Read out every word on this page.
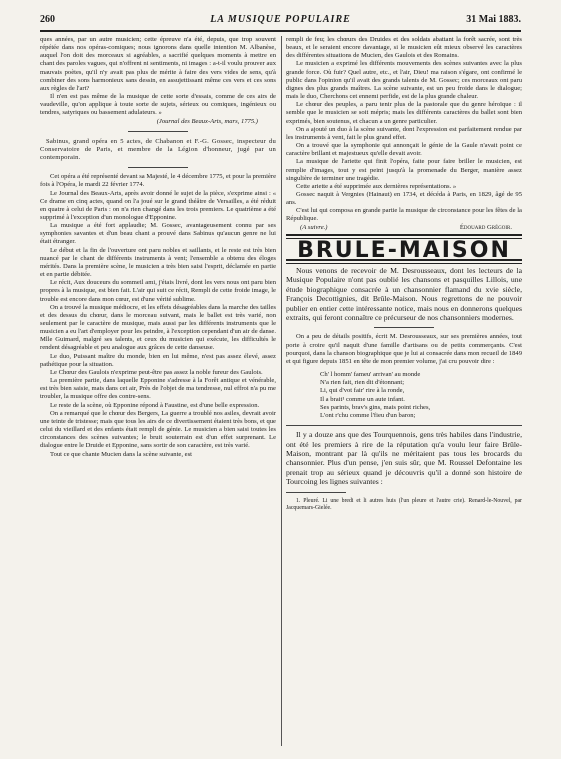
260	LA MUSIQUE POPULAIRE	31 Mai 1883.

ques années, par un autre musicien; cette épreuve n'a été, depuis, que trop souvent répétée dans nos opéras-comiques; nous ignorons dans quelle intention M. Albanèse, auquel l'on doit des morceaux si agréables, a sacrifié quelques moments à mettre en chant des paroles vagues, qui n'offrent ni sentiments, ni images : a-t-il voulu prouver aux mauvais poètes, qu'il n'y avait pas plus de mérite à faire des vers vides de sens, qu'à combiner des sons harmonieux sans dessin, en assujettissant même ces vers et ces sons aux règles de l'art?

Il n'en est pas même de la musique de cette sorte d'essais, comme de ces airs de vaudeville, qu'on applique à toute sorte de sujets, sérieux ou comiques, ingénieux ou tendres, satyriques ou bassement adulateurs. »

(Journal des Beaux-Arts, mars, 1775.)

Sabinus, grand opéra en 5 actes, de Chabanon et F.-G. Gossec, inspecteur du Conservatoire de Paris, et membre de la Légion d'honneur, jugé par un contemporain.

Cet opéra a été représenté devant sa Majesté, le 4 décembre 1775, et pour la première fois à l'Opéra, le mardi 22 février 1774.

Le Journal des Beaux-Arts, après avoir donné le sujet de la pièce, s'exprime ainsi : « Ce drame en cinq actes, quand on l'a joué sur le grand théâtre de Versailles, a été réduit en quatre à celui de Paris : on n'a rien changé dans les trois premiers. Le quatrième a été supprimé à l'exception d'un monologue d'Epponine.

La musique a été fort applaudie; M. Gossec, avantageusement connu par ses symphonies savantes et d'un beau chant a prouvé dans Sabinus qu'aucun genre ne lui était étranger.

Le début et la fin de l'ouverture ont paru nobles et saillants, et le reste est très bien nuancé par le chant de différents instruments à vent; l'ensemble a obtenu des éloges mérités. Dans la première scène, le musicien a très bien saisi l'esprit, déclamée en partie et en partie débitée.

Le récit, Aux douceurs du sommeil ami, j'étais livré, dont les vers nous ont paru bien propres à la musique, est bien fait. L'air qui suit ce récit, Rempli de cette froide image, le trouble est encore dans mon cœur, est d'une vérité sublime.

On a trouvé la musique médiocre, et les effets désagréables dans la marche des tailles et des dessus du chœur, dans le morceau suivant, mais le ballet est très varié, non seulement par le caractère de musique, mais aussi par les différents instruments que le musicien a eu l'art d'employer pour les peindre, à l'exception cependant d'un air de danse. Mlle Guimard, malgré ses talents, et ceux du musicien qui exécute, les difficultés le rendent désagréable et peu analogue aux grâces de cette danseuse.

Le duo, Puissant maître du monde, bien en lui même, n'est pas assez élevé, assez pathétique pour la situation.

Le Chœur des Gaulois n'exprime peut-être pas assez la noble fureur des Gaulois.

La première partie, dans laquelle Epponine s'adresse à la Forêt antique et vénérable, est très bien saisie, mais dans cet air, Près de l'objet de ma tendresse, nul effroi n'a pu me troubler, la musique offre des contre-sens.

Le reste de la scène, où Epponine répond à Faustine, est d'une belle expression.

On a remarqué que le chœur des Bergers, La guerre a troublé nos asiles, devrait avoir une teinte de tristesse; mais que tous les airs de ce divertissement étaient très bons, et que celui du vieillard et des enfants était rempli de génie. Le musicien a bien saisi toutes les circonstances des scènes suivantes; le bruit souterrain est d'un effet surprenant. Le dialogue entre le Druide et Epponine, sans sortir de son caractère, est très varié.

Tout ce que chante Mucien dans la scène suivante, est

rempli de feu; les chœurs des Druides et des soldats abattant la forêt sacrée, sont très beaux, et le seraient encore davantage, si le musicien eût mieux observé les caractères des différentes situations de Mucien, des Gaulois et des Romains.

Le musicien a exprimé les différents mouvements des scènes suivantes avec la plus grande force. Où fuir? Quel autre, etc., et l'air, Dieu! ma raison s'égare, ont confirmé le public dans l'opinion qu'il avait des grands talents de M. Gossec; ces morceaux ont paru dignes des plus grands maîtres. La scène suivante, est un peu froide dans le dialogue; mais le duo, Cherchons cet ennemi perfide, est de la plus grande chaleur.

Le chœur des peuples, a paru tenir plus de la pastorale que du genre héroïque : il semble que le musicien se soit mépris; mais les différents caractères du ballet sont bien exprimés, bien soutenus, et chacun a un genre particulier.

On a ajouté un duo à la scène suivante, dont l'expression est parfaitement rendue par les instruments à vent, fait le plus grand effet.

On a trouvé que la symphonie qui annonçait le génie de la Gaule n'avait point ce caractère brillant et majestueux qu'elle devait avoir.

La musique de l'ariette qui finit l'opéra, faite pour faire briller le musicien, est remplie d'images, tout y est peint jusqu'à la promenade du Berger, manière assez singulière de terminer une tragédie.

Cette ariette a été supprimée aux dernières représentations. »

Gossec naquit à Vergnies (Hainaut) en 1734, et décéda à Paris, en 1829, âgé de 95 ans.

C'est lui qui composa en grande partie la musique de circonstance pour les fêtes de la République.

(A suivre.)	Édouard Grégoir.
BRULE-MAISON

Nous venons de recevoir de M. Desrousseaux, dont les lecteurs de la Musique Populaire n'ont pas oublié les chansons et pasquilles Lillois, une étude biographique consacrée à un chansonnier flamand du xvie siècle, François Decottignies, dit Brûle-Maison. Nous regrettons de ne pouvoir publier en entier cette intéressante notice, mais nous en donnerons quelques extraits, qui feront connaître ce précurseur de nos chansonniers modernes.

On a peu de détails positifs, écrit M. Desrousseaux, sur ses premières années, tout porte à croire qu'il naquit d'une famille d'artisans ou de petits commerçants. C'est pourquoi, dans la chanson biographique que je lui ai consacrée dans mon recueil de 1849 et qui figure depuis 1851 en tête de mon premier volume, j'ai cru pouvoir dire :

Ch' l homm' fameu' arrivan' au monde
N'a rien fait, rien dit d'étonnant;
Li, qui d'vot fair' rire à la ronde,
Il a brait¹ comme un aute infant.
Ses parints, brav's gins, mais point riches,
L'ont r'chu comme l'fieu d'un baron;

Il y a douze ans que des Tourquennois, gens très habiles dans l'industrie, ont été les premiers à rire de la réputation qu'a voulu leur faire Brûle-Maison, montrant par là qu'ils ne méritaient pas tous les brocards du chansonnier. Plus d'un pense, j'en suis sûr, que M. Roussel Defontaine les prenait trop au sérieux quand je découvris qu'il a donné son histoire de Tourcoing les lignes suivantes :

1. Pleuré. Li une bredi et li autres huis (l'un pleure et l'autre crie). Renard-le-Nouvel, par Jacquemars-Gielée.
